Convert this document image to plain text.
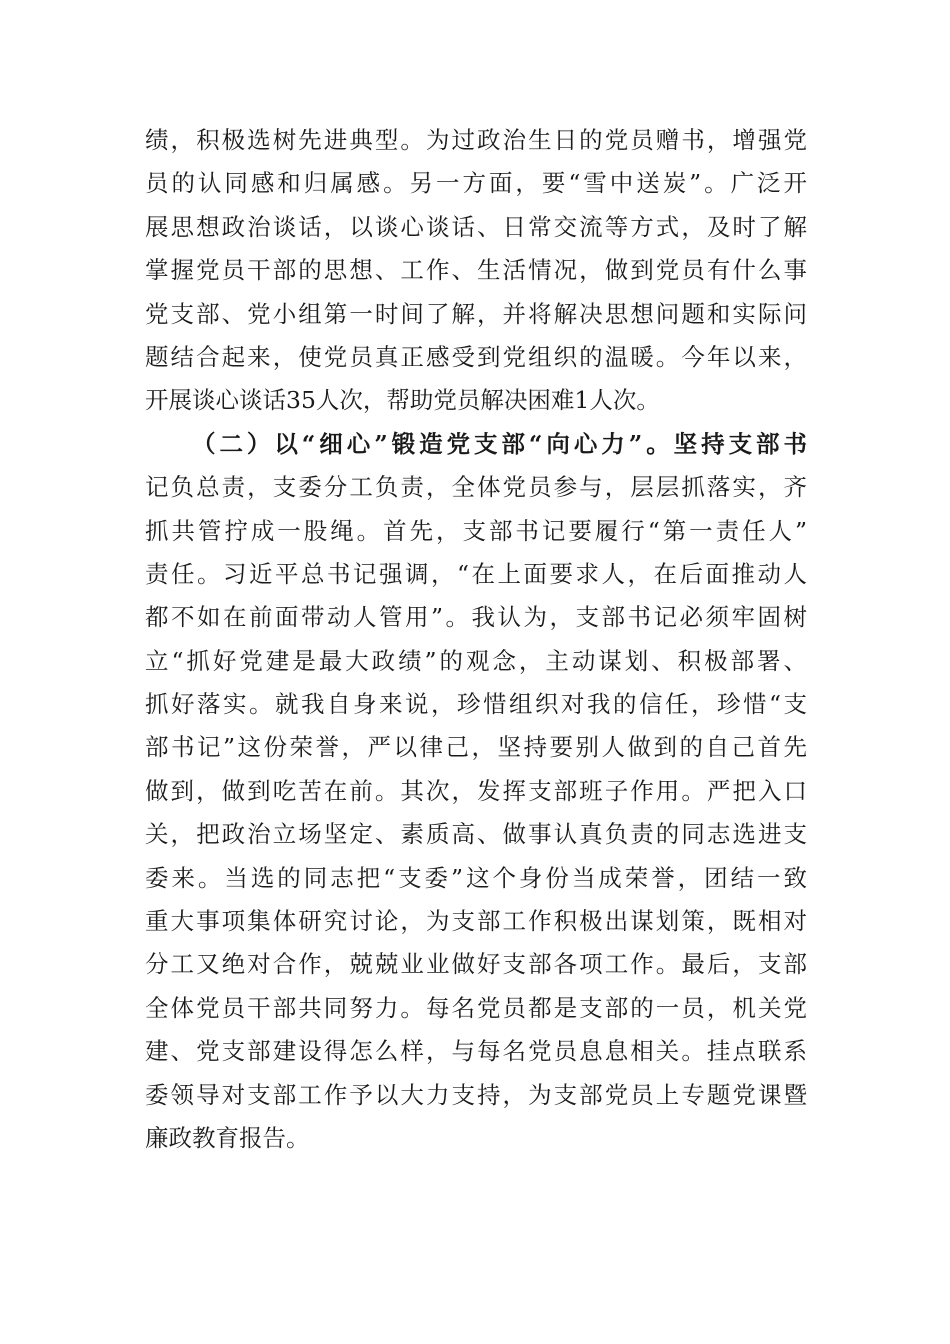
绩，积极选树先进典型。为过政治生日的党员赠书，增强党
员的认同感和归属感。另一方面，要“雪中送炭”。广泛开
展思想政治谈话，以谈心谈话、日常交流等方式，及时了解
掌握党员干部的思想、工作、生活情况，做到党员有什么事
党支部、党小组第一时间了解，并将解决思想问题和实际问
题结合起来，使党员真正感受到党组织的温暖。今年以来，
开展谈心谈话35人次，帮助党员解决困难1人次。
（二）以“细心”锻造党支部“向心力”。坚持支部书
记负总责，支委分工负责，全体党员参与，层层抓落实，齐
抓共管拧成一股绳。首先，支部书记要履行“第一责任人”
责任。习近平总书记强调，“在上面要求人，在后面推动人
都不如在前面带动人管用”。我认为，支部书记必须牢固树
立“抓好党建是最大政绩”的观念，主动谋划、积极部署、
抓好落实。就我自身来说，珍惜组织对我的信任，珍惜“支
部书记”这份荣誉，严以律己，坚持要别人做到的自己首先
做到，做到吃苦在前。其次，发挥支部班子作用。严把入口
关，把政治立场坚定、素质高、做事认真负责的同志选进支
委来。当选的同志把“支委”这个身份当成荣誉，团结一致
重大事项集体研究讨论，为支部工作积极出谋划策，既相对
分工又绝对合作，兢兢业业做好支部各项工作。最后，支部
全体党员干部共同努力。每名党员都是支部的一员，机关党
建、党支部建设得怎么样，与每名党员息息相关。挂点联系
委领导对支部工作予以大力支持，为支部党员上专题党课暨
廉政教育报告。
